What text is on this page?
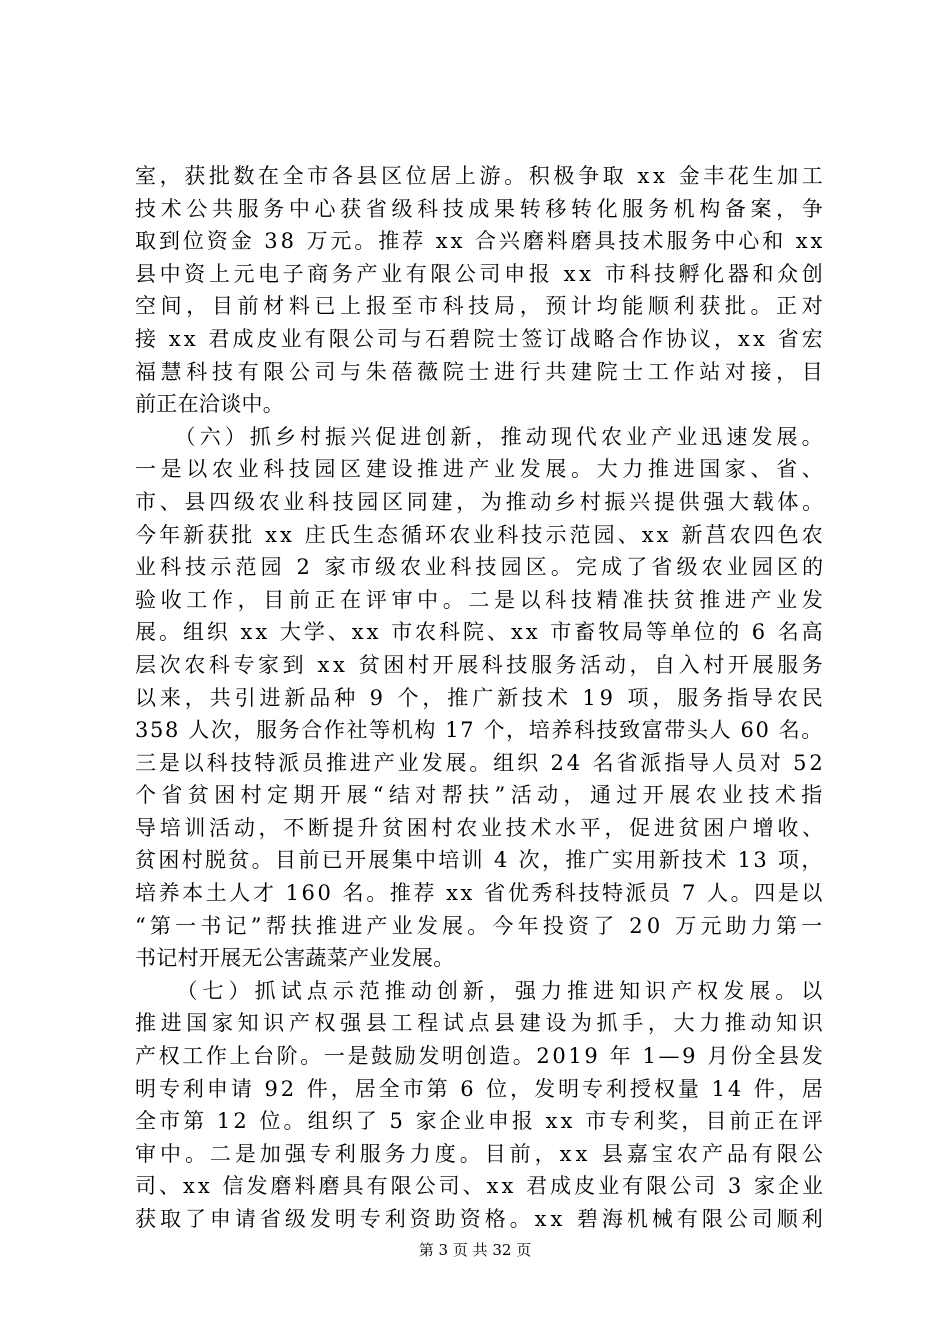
室，获批数在全市各县区位居上游。积极争取 xx 金丰花生加工
技术公共服务中心获省级科技成果转移转化服务机构备案，争
取到位资金 38 万元。推荐 xx 合兴磨料磨具技术服务中心和 xx
县中资上元电子商务产业有限公司申报 xx 市科技孵化器和众创
空间，目前材料已上报至市科技局，预计均能顺利获批。正对
接 xx 君成皮业有限公司与石碧院士签订战略合作协议，xx 省宏
福慧科技有限公司与朱蓓薇院士进行共建院士工作站对接，目
前正在洽谈中。
　　（六）抓乡村振兴促进创新，推动现代农业产业迅速发展。
一是以农业科技园区建设推进产业发展。大力推进国家、省、
市、县四级农业科技园区同建，为推动乡村振兴提供强大载体。
今年新获批 xx 庄氏生态循环农业科技示范园、xx 新莒农四色农
业科技示范园 2 家市级农业科技园区。完成了省级农业园区的
验收工作，目前正在评审中。二是以科技精准扶贫推进产业发
展。组织 xx 大学、xx 市农科院、xx 市畜牧局等单位的 6 名高
层次农科专家到 xx 贫困村开展科技服务活动，自入村开展服务
以来，共引进新品种 9 个，推广新技术 19 项，服务指导农民
358 人次，服务合作社等机构 17 个，培养科技致富带头人 60 名。
三是以科技特派员推进产业发展。组织 24 名省派指导人员对 52
个省贫困村定期开展“结对帮扶”活动，通过开展农业技术指
导培训活动，不断提升贫困村农业技术水平，促进贫困户增收、
贫困村脱贫。目前已开展集中培训 4 次，推广实用新技术 13 项，
培养本土人才 160 名。推荐 xx 省优秀科技特派员 7 人。四是以
“第一书记”帮扶推进产业发展。今年投资了 20 万元助力第一
书记村开展无公害蔬菜产业发展。
　　（七）抓试点示范推动创新，强力推进知识产权发展。以
推进国家知识产权强县工程试点县建设为抓手，大力推动知识
产权工作上台阶。一是鼓励发明创造。2019 年 1—9 月份全县发
明专利申请 92 件，居全市第 6 位，发明专利授权量 14 件，居
全市第 12 位。组织了 5 家企业申报 xx 市专利奖，目前正在评
审中。二是加强专利服务力度。目前，xx 县嘉宝农产品有限公
司、xx 信发磨料磨具有限公司、xx 君成皮业有限公司 3 家企业
获取了申请省级发明专利资助资格。xx 碧海机械有限公司顺利
第 3 页 共 32 页
